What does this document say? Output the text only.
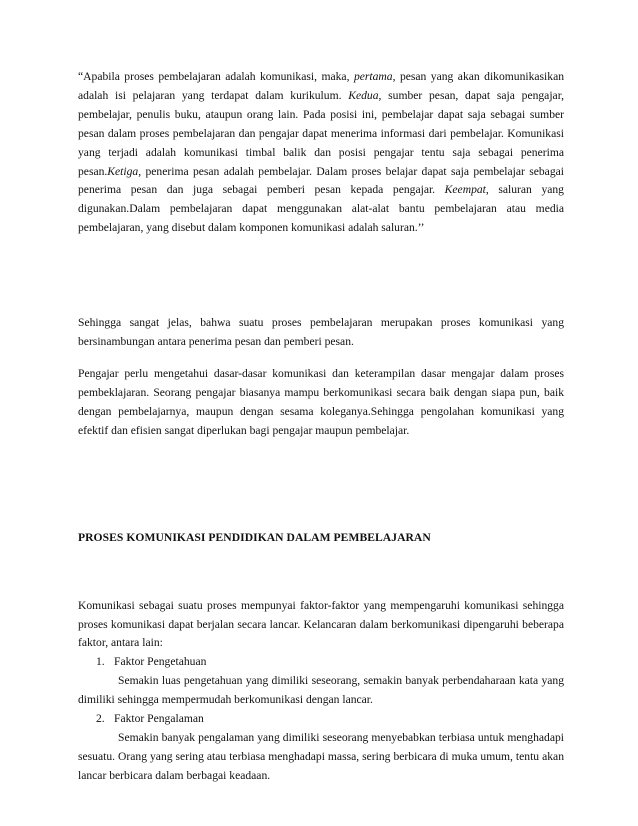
“Apabila proses pembelajaran adalah komunikasi, maka, pertama, pesan yang akan dikomunikasikan adalah isi pelajaran yang terdapat dalam kurikulum. Kedua, sumber pesan, dapat saja pengajar, pembelajar, penulis buku, ataupun orang lain. Pada posisi ini, pembelajar dapat saja sebagai sumber pesan dalam proses pembelajaran dan pengajar dapat menerima informasi dari pembelajar. Komunikasi yang terjadi adalah komunikasi timbal balik dan posisi pengajar tentu saja sebagai penerima pesan.Ketiga, penerima pesan adalah pembelajar. Dalam proses belajar dapat saja pembelajar sebagai penerima pesan dan juga sebagai pemberi pesan kepada pengajar. Keempat, saluran yang digunakan.Dalam pembelajaran dapat menggunakan alat-alat bantu pembelajaran atau media pembelajaran, yang disebut dalam komponen komunikasi adalah saluran.’’

Sehingga sangat jelas, bahwa suatu proses pembelajaran merupakan proses komunikasi yang bersinambungan antara penerima pesan dan pemberi pesan.

Pengajar perlu mengetahui dasar-dasar komunikasi dan keterampilan dasar mengajar dalam proses pembeklajaran. Seorang pengajar biasanya mampu berkomunikasi secara baik dengan siapa pun, baik dengan pembelajarnya, maupun dengan sesama koleganya.Sehingga pengolahan komunikasi yang efektif dan efisien sangat diperlukan bagi pengajar maupun pembelajar.

PROSES KOMUNIKASI PENDIDIKAN DALAM PEMBELAJARAN

Komunikasi sebagai suatu proses mempunyai faktor-faktor yang mempengaruhi komunikasi sehingga proses komunikasi dapat berjalan secara lancar. Kelancaran dalam berkomunikasi dipengaruhi beberapa faktor, antara lain:

1. Faktor Pengetahuan
Semakin luas pengetahuan yang dimiliki seseorang, semakin banyak perbendaharaan kata yang dimiliki sehingga mempermudah berkomunikasi dengan lancar.
2. Faktor Pengalaman
Semakin banyak pengalaman yang dimiliki seseorang menyebabkan terbiasa untuk menghadapi sesuatu. Orang yang sering atau terbiasa menghadapi massa, sering berbicara di muka umum, tentu akan lancar berbicara dalam berbagai keadaan.
